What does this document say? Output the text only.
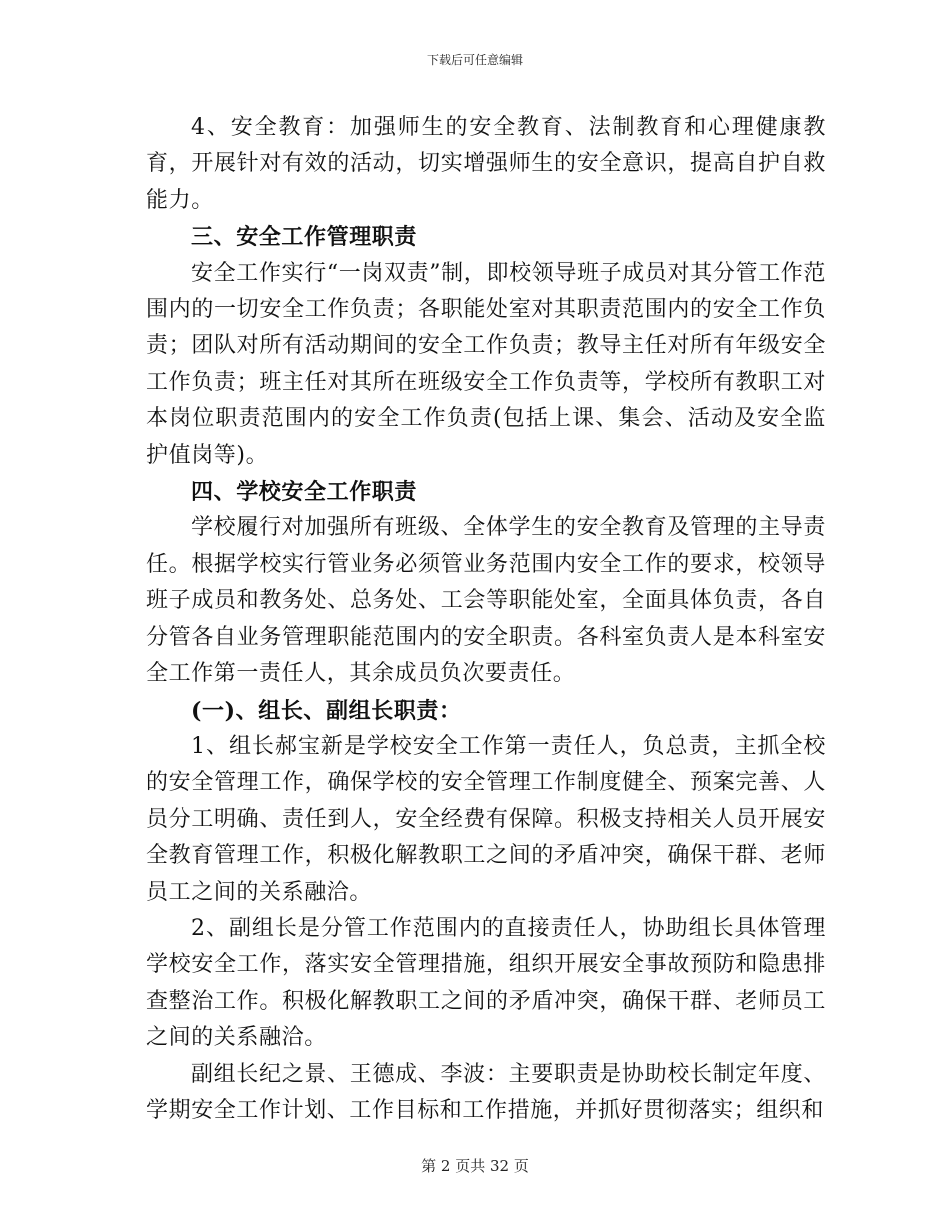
下载后可任意编辑

4、安全教育：加强师生的安全教育、法制教育和心理健康教育，开展针对有效的活动，切实增强师生的安全意识，提高自护自救能力。

三、安全工作管理职责

安全工作实行“一岗双责”制，即校领导班子成员对其分管工作范围内的一切安全工作负责；各职能处室对其职责范围内的安全工作负责；团队对所有活动期间的安全工作负责；教导主任对所有年级安全工作负责；班主任对其所在班级安全工作负责等，学校所有教职工对本岗位职责范围内的安全工作负责(包括上课、集会、活动及安全监护值岗等)。

四、学校安全工作职责

学校履行对加强所有班级、全体学生的安全教育及管理的主导责任。根据学校实行管业务必须管业务范围内安全工作的要求，校领导班子成员和教务处、总务处、工会等职能处室，全面具体负责，各自分管各自业务管理职能范围内的安全职责。各科室负责人是本科室安全工作第一责任人，其余成员负次要责任。

(一)、组长、副组长职责：

1、组长郝宝新是学校安全工作第一责任人，负总责，主抓全校的安全管理工作，确保学校的安全管理工作制度健全、预案完善、人员分工明确、责任到人，安全经费有保障。积极支持相关人员开展安全教育管理工作，积极化解教职工之间的矛盾冲突，确保干群、老师员工之间的关系融洽。

2、副组长是分管工作范围内的直接责任人，协助组长具体管理学校安全工作，落实安全管理措施，组织开展安全事故预防和隐患排查整治工作。积极化解教职工之间的矛盾冲突，确保干群、老师员工之间的关系融洽。

副组长纪之景、王德成、李波：主要职责是协助校长制定年度、学期安全工作计划、工作目标和工作措施，并抓好贯彻落实；组织和

第 2 页共 32 页
